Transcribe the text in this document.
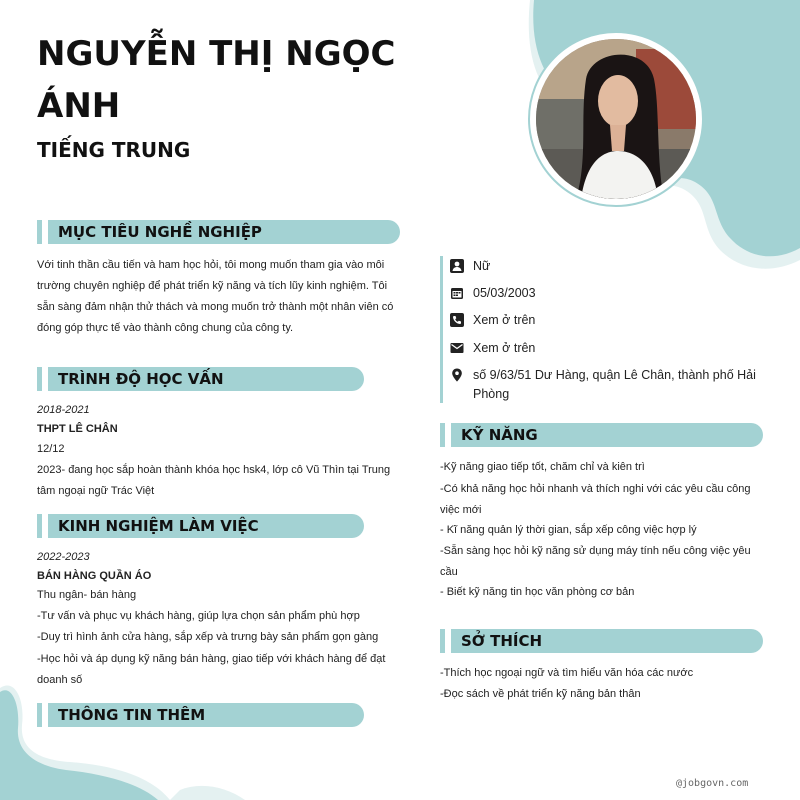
NGUYỄN THỊ NGỌC ÁNH
TIẾNG TRUNG
MỤC TIÊU NGHỀ NGHIỆP
Với tinh thần cầu tiến và ham học hỏi, tôi mong muốn tham gia vào môi trường chuyên nghiệp để phát triển kỹ năng và tích lũy kinh nghiệm. Tôi sẵn sàng đảm nhận thử thách và mong muốn trở thành một nhân viên có đóng góp thực tế vào thành công chung của công ty.
TRÌNH ĐỘ HỌC VẤN
2018-2021
THPT LÊ CHÂN
12/12
2023- đang học sắp hoàn thành khóa học hsk4, lớp cô Vũ Thìn tại Trung tâm ngoại ngữ Trác Việt
KINH NGHIỆM LÀM VIỆC
2022-2023
BÁN HÀNG QUẦN ÁO
Thu ngân- bán hàng
-Tư vấn và phục vụ khách hàng, giúp lựa chọn sản phẩm phù hợp
-Duy trì hình ảnh cửa hàng, sắp xếp và trưng bày sản phẩm gọn gàng
-Học hỏi và áp dụng kỹ năng bán hàng, giao tiếp với khách hàng để đạt doanh số
THÔNG TIN THÊM
Nữ
05/03/2003
Xem ở trên
Xem ở trên
số 9/63/51 Dư Hàng, quận Lê Chân, thành phố Hải Phòng
KỸ NĂNG
-Kỹ năng giao tiếp tốt, chăm chỉ và kiên trì
-Có khả năng học hỏi nhanh và thích nghi với các yêu cầu công việc mới
- Kĩ năng quản lý thời gian, sắp xếp công việc hợp lý
-Sẵn sàng học hỏi kỹ năng sử dụng máy tính nếu công việc yêu cầu
- Biết kỹ năng tin học văn phòng cơ bản
SỞ THÍCH
-Thích học ngoại ngữ và tìm hiểu văn hóa các nước
-Đọc sách về phát triển kỹ năng bản thân
@jobgovn.com
